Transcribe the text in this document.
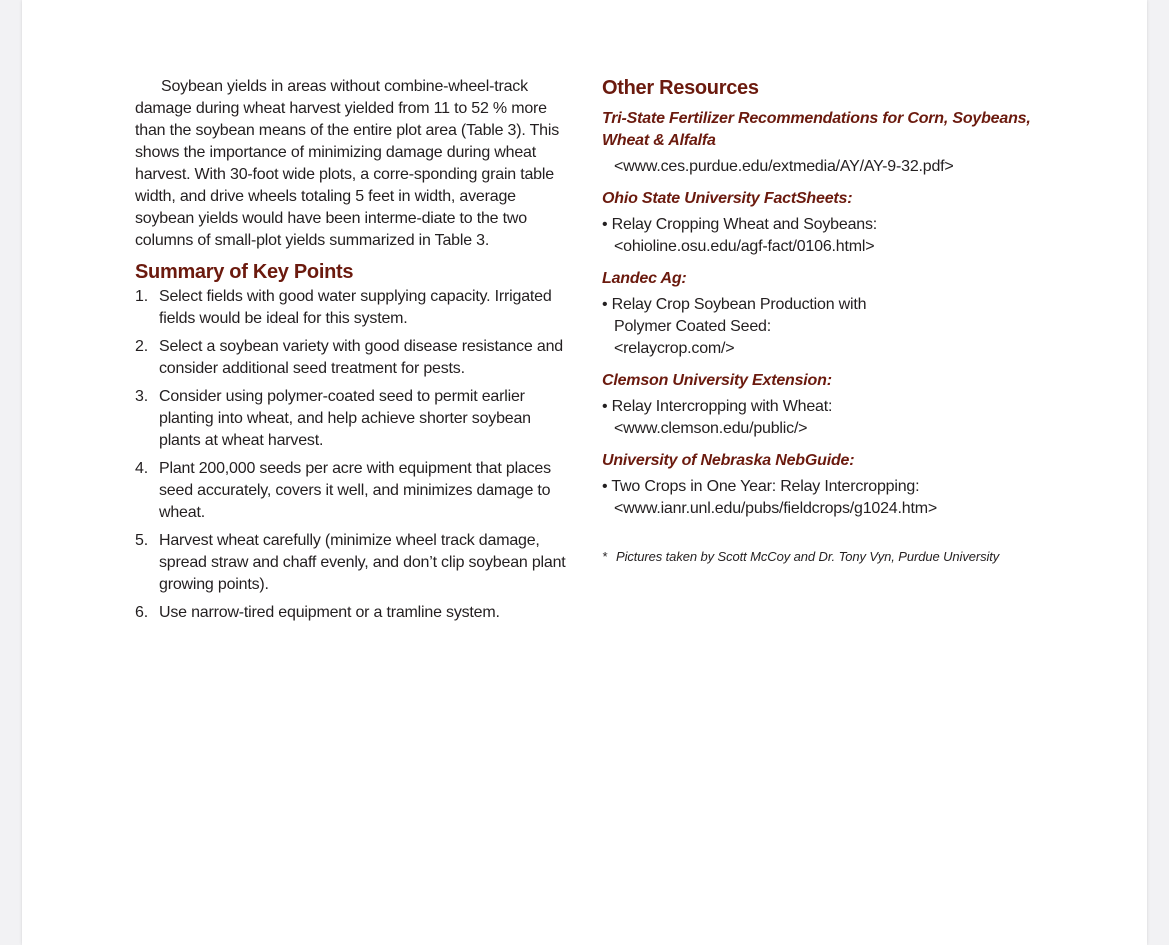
Soybean yields in areas without combine-wheel-track damage during wheat harvest yielded from 11 to 52 % more than the soybean means of the entire plot area (Table 3). This shows the importance of minimizing damage during wheat harvest. With 30-foot wide plots, a corre-sponding grain table width, and drive wheels totaling 5 feet in width, average soybean yields would have been interme-diate to the two columns of small-plot yields summarized in Table 3.

Summary of Key Points
1. Select fields with good water supplying capacity. Irrigated fields would be ideal for this system.
2. Select a soybean variety with good disease resistance and consider additional seed treatment for pests.
3. Consider using polymer-coated seed to permit earlier planting into wheat, and help achieve shorter soybean plants at wheat harvest.
4. Plant 200,000 seeds per acre with equipment that places seed accurately, covers it well, and minimizes damage to wheat.
5. Harvest wheat carefully (minimize wheel track damage, spread straw and chaff evenly, and don’t clip soybean plant growing points).
6. Use narrow-tired equipment or a tramline system.
Other Resources
Tri-State Fertilizer Recommendations for Corn, Soybeans, Wheat & Alfalfa
<www.ces.purdue.edu/extmedia/AY/AY-9-32.pdf>
Ohio State University FactSheets:
• Relay Cropping Wheat and Soybeans:
<ohioline.osu.edu/agf-fact/0106.html>
Landec Ag:
• Relay Crop Soybean Production with
Polymer Coated Seed:
<relaycrop.com/>
Clemson University Extension:
• Relay Intercropping with Wheat:
<www.clemson.edu/public/>
University of Nebraska NebGuide:
• Two Crops in One Year: Relay Intercropping:
<www.ianr.unl.edu/pubs/fieldcrops/g1024.htm>
* Pictures taken by Scott McCoy and Dr. Tony Vyn, Purdue University
